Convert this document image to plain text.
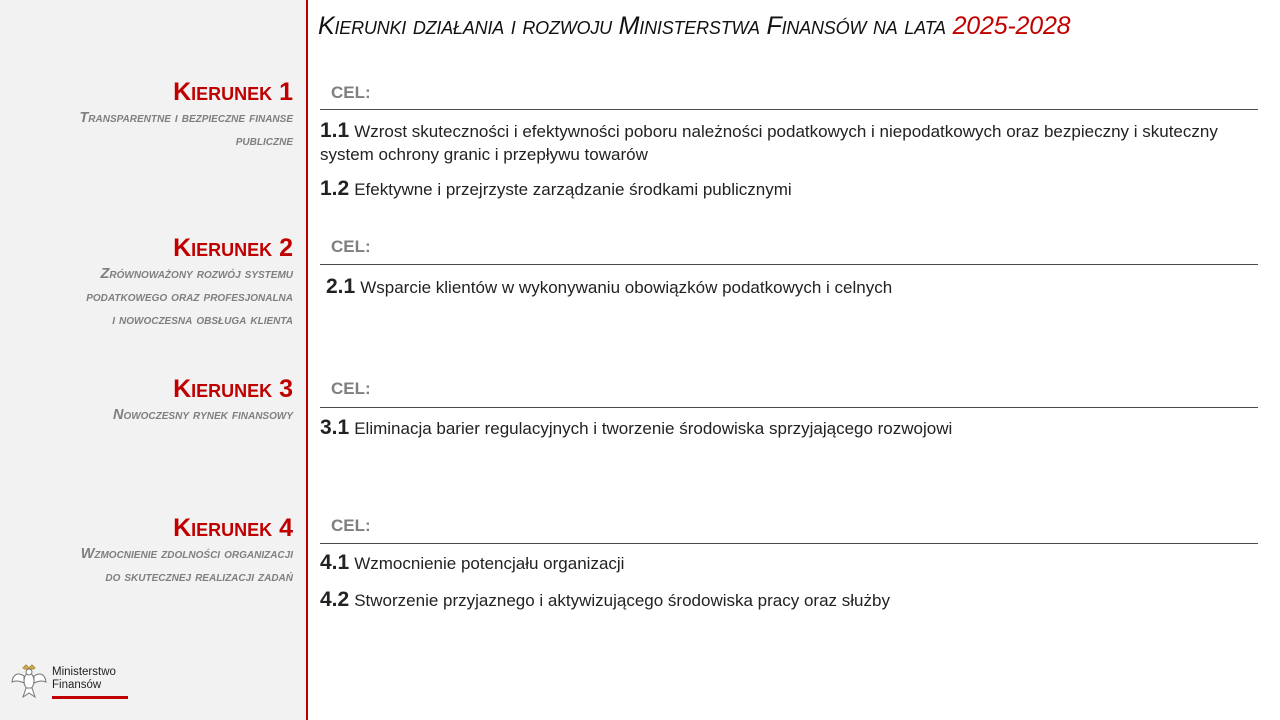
Kierunki działania i rozwoju Ministerstwa Finansów na lata 2025-2028
Kierunek 1
Transparentne i bezpieczne finanse
publiczne
CEL:
1.1 Wzrost skuteczności i efektywności poboru należności podatkowych i niepodatkowych oraz bezpieczny i skuteczny system ochrony granic i przepływu towarów
1.2 Efektywne i przejrzyste zarządzanie środkami publicznymi
Kierunek 2
Zrównoważony rozwój systemu
podatkowego oraz profesjonalna
i nowoczesna obsługa klienta
CEL:
2.1 Wsparcie klientów w wykonywaniu obowiązków podatkowych i celnych
Kierunek 3
Nowoczesny rynek finansowy
CEL:
3.1 Eliminacja barier regulacyjnych i tworzenie środowiska sprzyjającego rozwojowi
Kierunek 4
Wzmocnienie zdolności organizacji
do skutecznej realizacji zadań
CEL:
4.1 Wzmocnienie potencjału organizacji
4.2 Stworzenie przyjaznego i aktywizującego środowiska pracy oraz służby
Ministerstwo
Finansów
